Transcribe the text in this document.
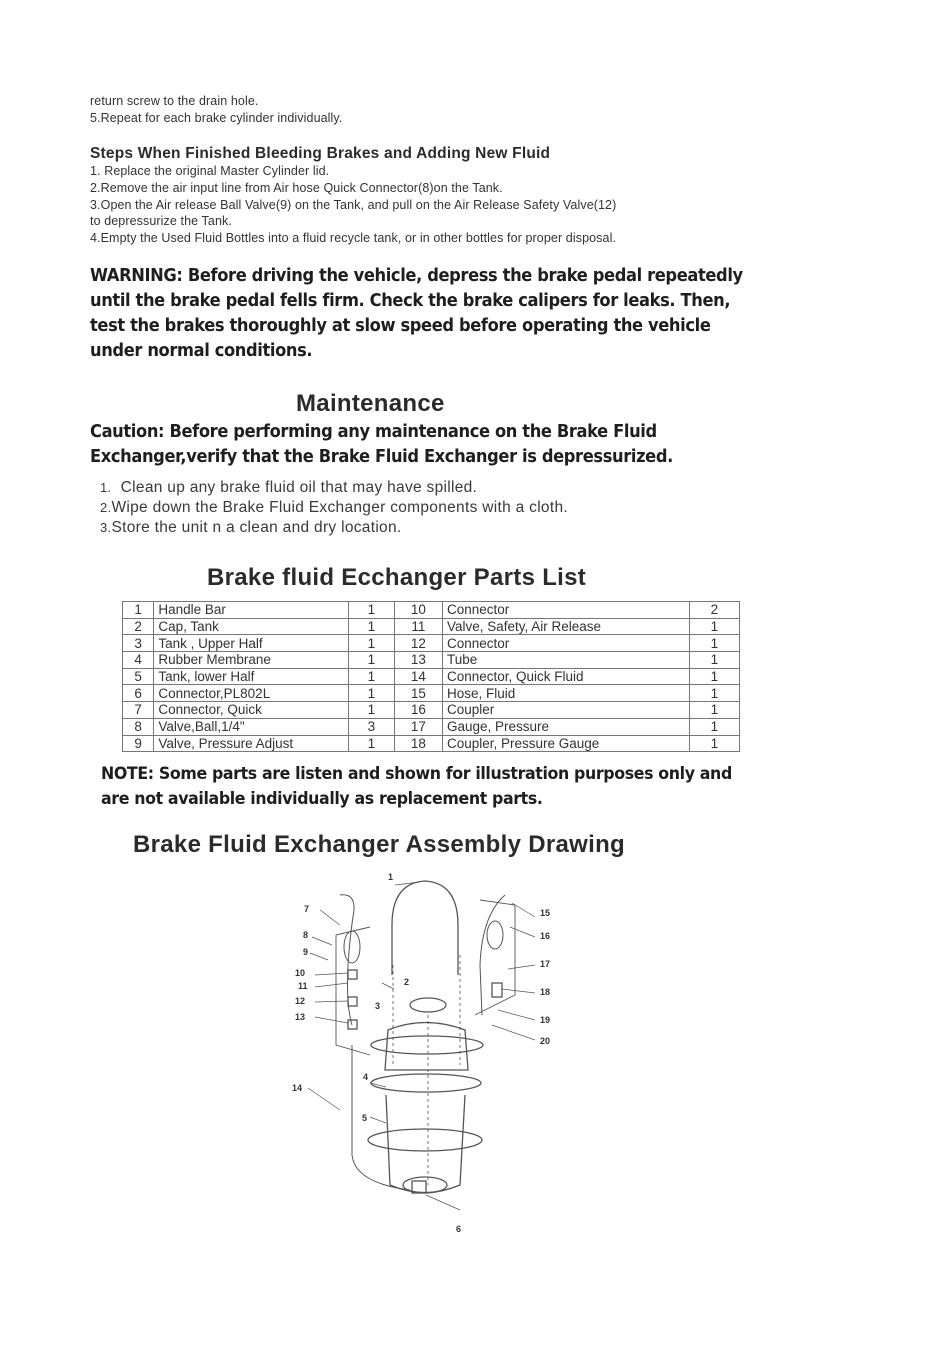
return screw to the drain hole.
5.Repeat for each brake cylinder individually.
Steps When Finished Bleeding Brakes and Adding New Fluid
1. Replace the original Master Cylinder lid.
2.Remove the air input line from Air hose Quick Connector(8)on the Tank.
3.Open the Air release Ball Valve(9) on the Tank, and pull on the Air Release Safety Valve(12)
to depressurize the Tank.
4.Empty the Used Fluid Bottles into a fluid recycle tank, or in other bottles for proper disposal.
WARNING: Before driving the vehicle, depress the brake pedal repeatedly
until the brake pedal fells firm. Check the brake calipers for leaks. Then,
test the brakes thoroughly at slow speed before operating the vehicle
under normal conditions.
Maintenance
Caution: Before performing any maintenance on the Brake Fluid
Exchanger,verify that the Brake Fluid Exchanger is depressurized.
1.  Clean up any brake fluid oil that may have spilled.
2.Wipe down the Brake Fluid Exchanger components with a cloth.
3.Store the unit n a clean and dry location.
Brake fluid Ecchanger Parts List
1	Handle Bar	1	10	Connector	2
2	Cap, Tank	1	11	Valve, Safety, Air Release	1
3	Tank , Upper Half	1	12	Connector	1
4	Rubber Membrane	1	13	Tube	1
5	Tank, lower Half	1	14	Connector, Quick Fluid	1
6	Connector,PL802L	1	15	Hose, Fluid	1
7	Connector, Quick	1	16	Coupler	1
8	Valve,Ball,1/4"	3	17	Gauge, Pressure	1
9	Valve, Pressure Adjust	1	18	Coupler, Pressure Gauge	1
NOTE: Some parts are listen and shown for illustration purposes only and
are not available individually as replacement parts.
Brake Fluid Exchanger Assembly Drawing
1
2
3
4
5
6
7
8
9
10
11
12
13
14
15
16
17
18
19
20
